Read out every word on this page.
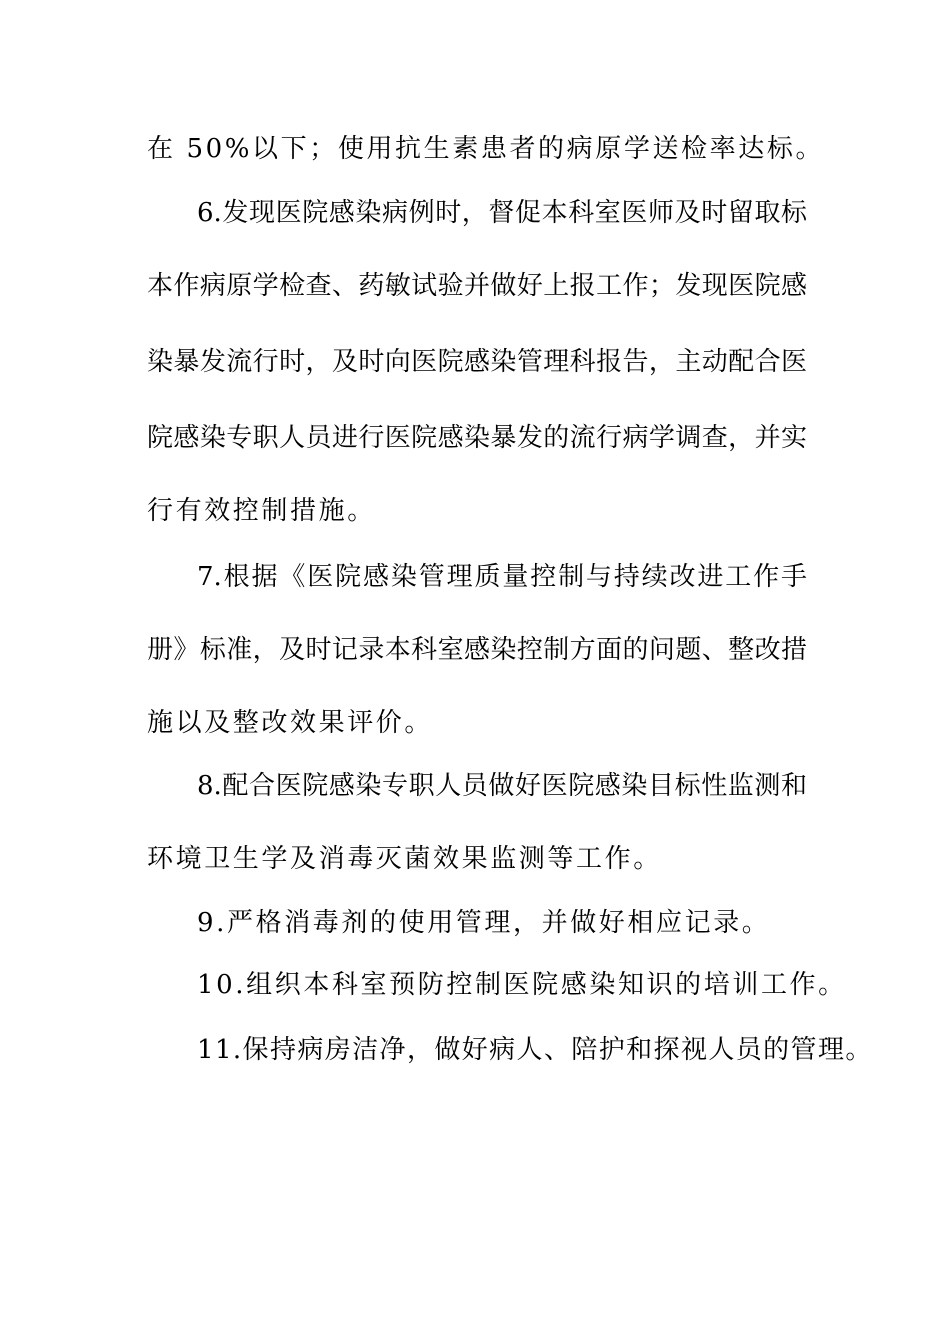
在 50%以下；使用抗生素患者的病原学送检率达标。
6.发现医院感染病例时，督促本科室医师及时留取标
本作病原学检查、药敏试验并做好上报工作；发现医院感
染暴发流行时，及时向医院感染管理科报告，主动配合医
院感染专职人员进行医院感染暴发的流行病学调查，并实
行有效控制措施。
7.根据《医院感染管理质量控制与持续改进工作手
册》标准，及时记录本科室感染控制方面的问题、整改措
施以及整改效果评价。
8.配合医院感染专职人员做好医院感染目标性监测和
环境卫生学及消毒灭菌效果监测等工作。
9.严格消毒剂的使用管理，并做好相应记录。
10.组织本科室预防控制医院感染知识的培训工作。
11.保持病房洁净，做好病人、陪护和探视人员的管理。
